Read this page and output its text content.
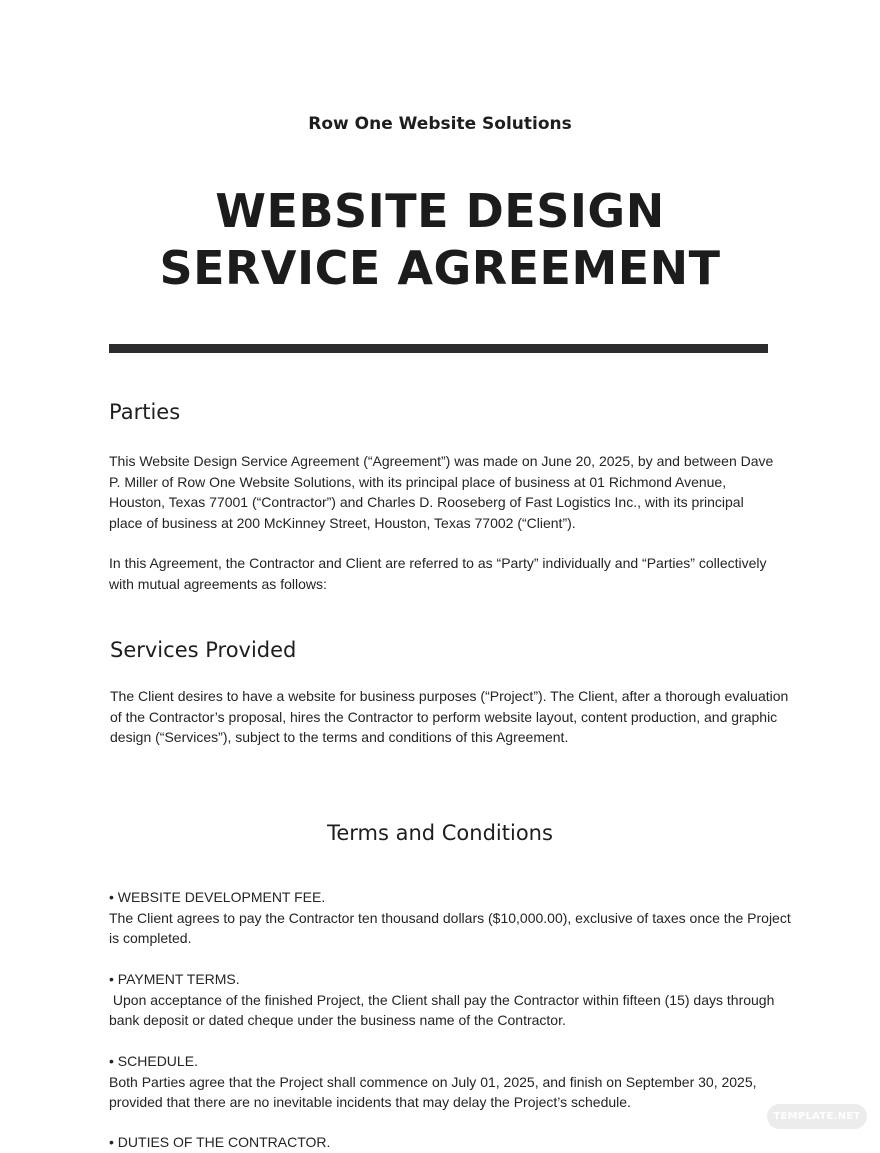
Row One Website Solutions
WEBSITE DESIGN SERVICE AGREEMENT
Parties

This Website Design Service Agreement (“Agreement”) was made on June 20, 2025, by and between Dave P. Miller of Row One Website Solutions, with its principal place of business at 01 Richmond Avenue, Houston, Texas 77001 (“Contractor”) and Charles D. Rooseberg of Fast Logistics Inc., with its principal place of business at 200 McKinney Street, Houston, Texas 77002 (“Client”).

In this Agreement, the Contractor and Client are referred to as “Party” individually and “Parties” collectively with mutual agreements as follows:

Services Provided

The Client desires to have a website for business purposes (“Project”). The Client, after a thorough evaluation of the Contractor’s proposal, hires the Contractor to perform website layout, content production, and graphic design (“Services”), subject to the terms and conditions of this Agreement.

Terms and Conditions
• WEBSITE DEVELOPMENT FEE.
The Client agrees to pay the Contractor ten thousand dollars ($10,000.00), exclusive of taxes once the Project is completed.
• PAYMENT TERMS.
Upon acceptance of the finished Project, the Client shall pay the Contractor within fifteen (15) days through bank deposit or dated cheque under the business name of the Contractor.
• SCHEDULE.
Both Parties agree that the Project shall commence on July 01, 2025, and finish on September 30, 2025, provided that there are no inevitable incidents that may delay the Project’s schedule.
• DUTIES OF THE CONTRACTOR.
TEMPLATE.NET
